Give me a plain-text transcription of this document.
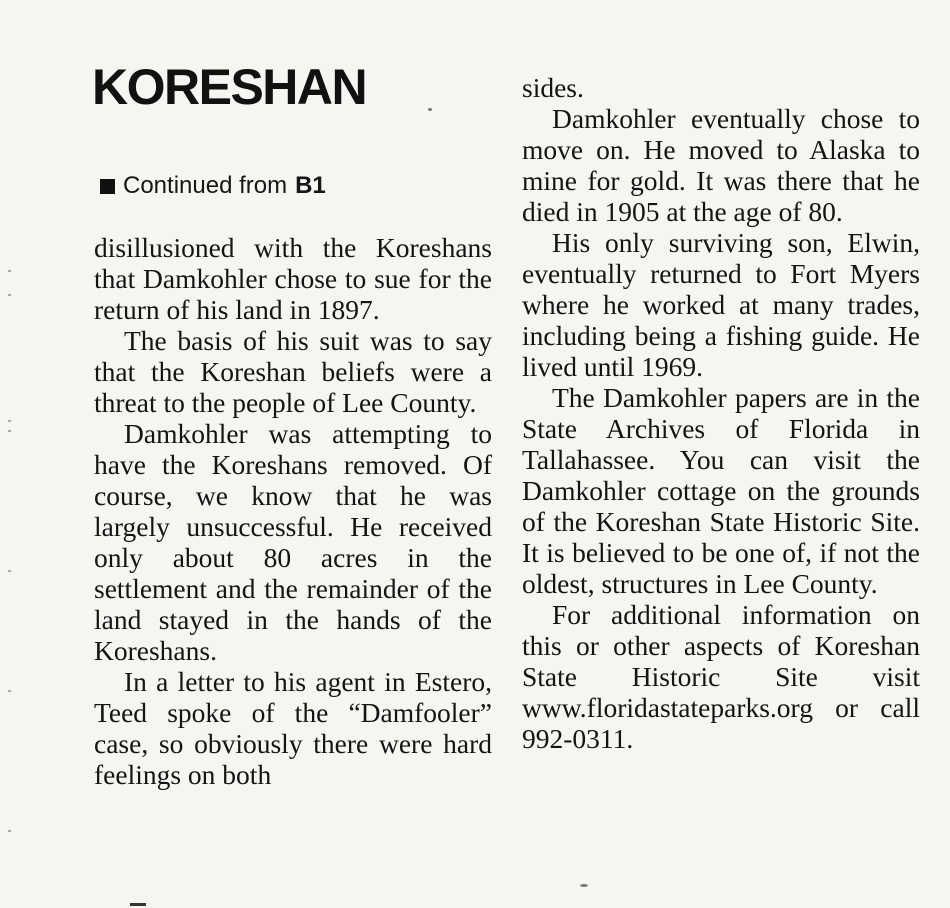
KORESHAN
Continued from B1

disillusioned with the Koreshans that Damkohler chose to sue for the return of his land in 1897.

The basis of his suit was to say that the Koreshan beliefs were a threat to the people of Lee County.

Damkohler was attempting to have the Koreshans removed. Of course, we know that he was largely unsuccessful. He received only about 80 acres in the settlement and the remainder of the land stayed in the hands of the Koreshans.

In a letter to his agent in Estero, Teed spoke of the “Damfooler” case, so obviously there were hard feelings on both

sides.

Damkohler eventually chose to move on. He moved to Alaska to mine for gold. It was there that he died in 1905 at the age of 80.

His only surviving son, Elwin, eventually returned to Fort Myers where he worked at many trades, including being a fishing guide. He lived until 1969.

The Damkohler papers are in the State Archives of Florida in Tallahassee. You can visit the Damkohler cottage on the grounds of the Koreshan State Historic Site. It is believed to be one of, if not the oldest, structures in Lee County.

For additional information on this or other aspects of Koreshan State Historic Site visit www.floridastateparks.org or call 992-0311.
